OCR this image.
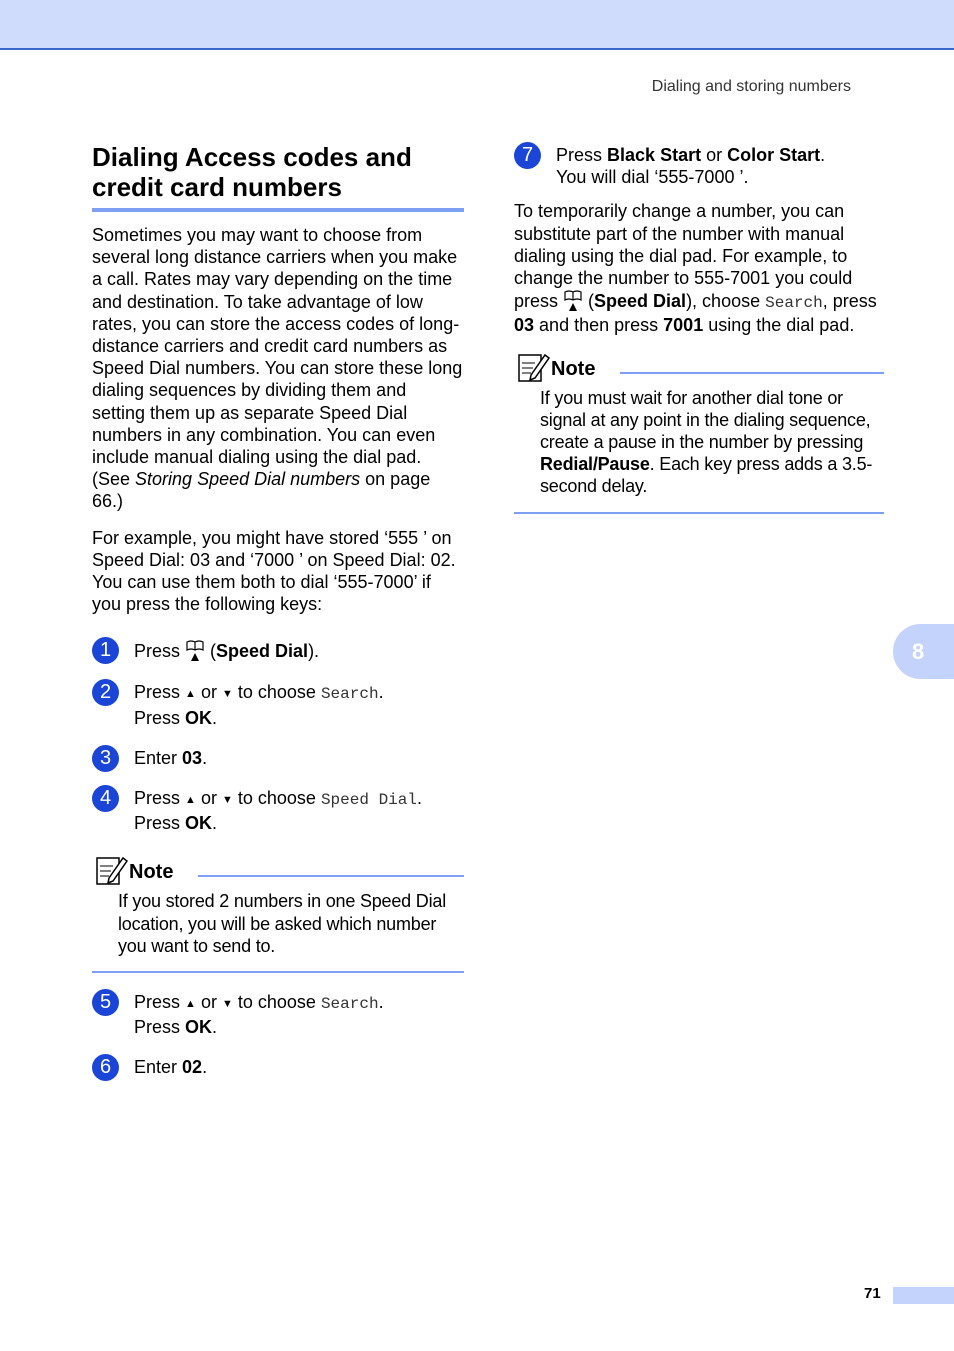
Dialing and storing numbers
Dialing Access codes and
credit card numbers

Sometimes you may want to choose from several long distance carriers when you make a call. Rates may vary depending on the time and destination. To take advantage of low rates, you can store the access codes of long-distance carriers and credit card numbers as Speed Dial numbers. You can store these long dialing sequences by dividing them and setting them up as separate Speed Dial numbers in any combination. You can even include manual dialing using the dial pad. (See Storing Speed Dial numbers on page 66.)

For example, you might have stored ‘555 ’ on Speed Dial: 03 and ‘7000 ’ on Speed Dial: 02. You can use them both to dial ‘555-7000’ if you press the following keys:

1	Press  (Speed Dial).
2	Press ▲ or ▼ to choose Search.
Press OK.
3	Enter 03.
4	Press ▲ or ▼ to choose Speed Dial.
Press OK.
Note

If you stored 2 numbers in one Speed Dial location, you will be asked which number you want to send to.

5	Press ▲ or ▼ to choose Search.
Press OK.
6	Enter 02.
7	Press Black Start or Color Start.
You will dial ‘555-7000 ’.

To temporarily change a number, you can substitute part of the number with manual dialing using the dial pad. For example, to change the number to 555-7001 you could
press  (Speed Dial), choose Search, press 03 and then press 7001 using the dial pad.

Note

If you must wait for another dial tone or signal at any point in the dialing sequence, create a pause in the number by pressing Redial/Pause. Each key press adds a 3.5-second delay.

8
71
